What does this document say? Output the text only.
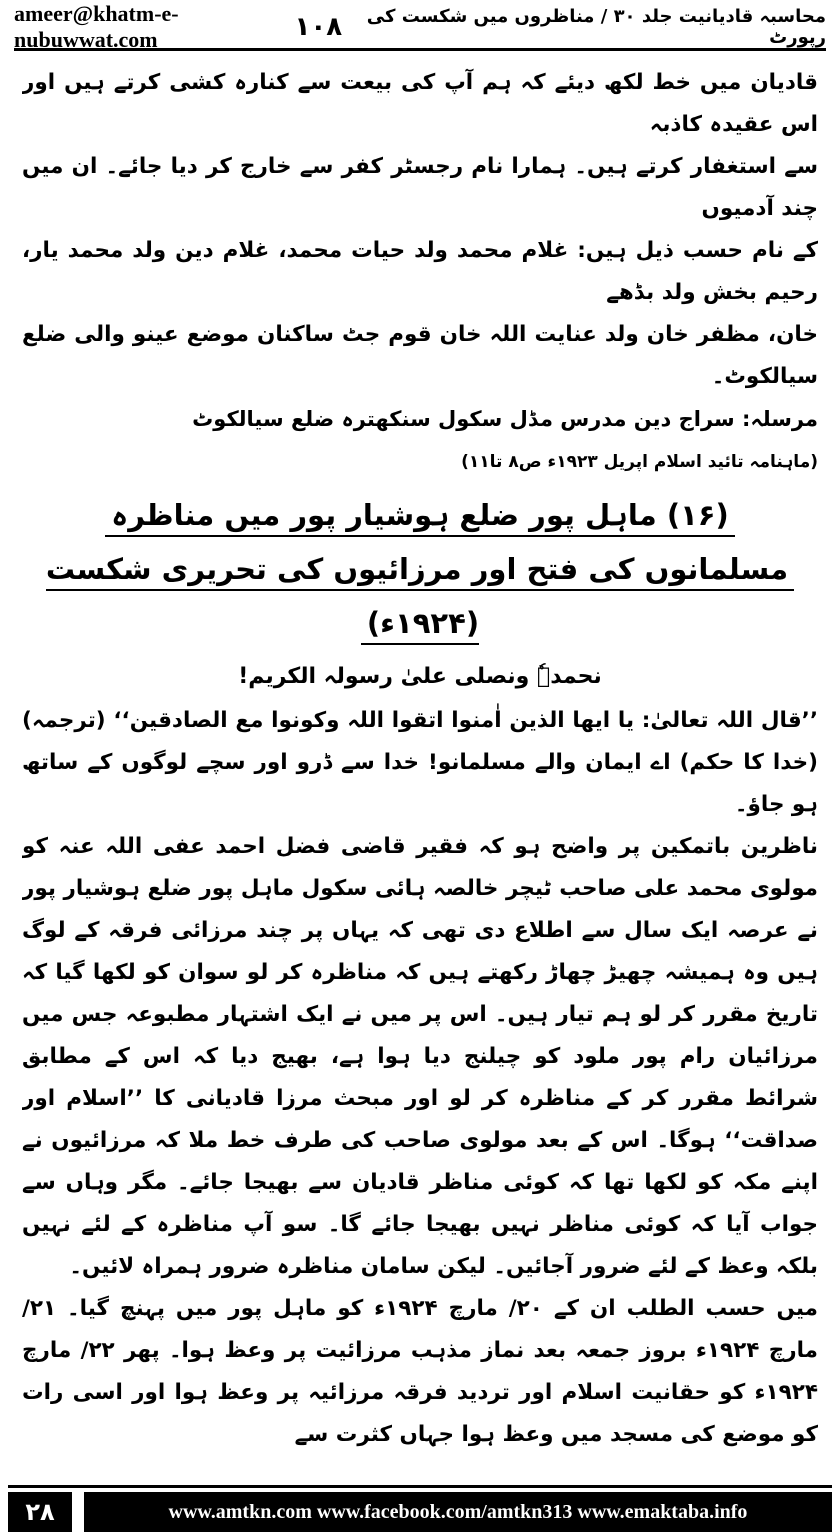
ameer@khatm-e-nubuwwat.com	۱۰۸	محاسبہ قادیانیت جلد ۳۰ / مناظروں میں شکست کی رپورٹ

قادیان میں خط لکھ دیئے کہ ہم آپ کی بیعت سے کنارہ کشی کرتے ہیں اور اس عقیدہ کاذبہ
سے استغفار کرتے ہیں۔ ہمارا نام رجسٹر کفر سے خارج کر دیا جائے۔ ان میں چند آدمیوں
کے نام حسب ذیل ہیں: غلام محمد ولد حیات محمد، غلام دین ولد محمد یار، رحیم بخش ولد بڈھے
خان، مظفر خان ولد عنایت اللہ خان قوم جٹ ساکنان موضع عینو والی ضلع سیالکوٹ۔

مرسلہ: سراج دین مدرس مڈل سکول سنکھترہ ضلع سیالکوٹ
(ماہنامہ تائید اسلام اپریل ۱۹۲۳ء ص۸ تا۱۱)

(۱۶) ماہل پور ضلع ہوشیار پور میں مناظرہ

مسلمانوں کی فتح اور مرزائیوں کی تحریری شکست (۱۹۲۴ء)

نحمدہٗ ونصلی علیٰ رسولہ الکریم!

’’قال اللہ تعالیٰ: یا ایھا الذین اٰمنوا اتقوا اللہ وکونوا مع الصادقین‘‘ (ترجمہ) (خدا کا حکم) اے ایمان والے مسلمانو! خدا سے ڈرو اور سچے لوگوں کے ساتھ ہو جاؤ۔

ناظرین باتمکین پر واضح ہو کہ فقیر قاضی فضل احمد عفی اللہ عنہ کو مولوی محمد علی صاحب ٹیچر خالصہ ہائی سکول ماہل پور ضلع ہوشیار پور نے عرصہ ایک سال سے اطلاع دی تھی کہ یہاں پر چند مرزائی فرقہ کے لوگ ہیں وہ ہمیشہ چھیڑ چھاڑ رکھتے ہیں کہ مناظرہ کر لو سوان کو لکھا گیا کہ تاریخ مقرر کر لو ہم تیار ہیں۔ اس پر میں نے ایک اشتہار مطبوعہ جس میں مرزائیان رام پور ملود کو چیلنج دیا ہوا ہے، بھیج دیا کہ اس کے مطابق شرائط مقرر کر کے مناظرہ کر لو اور مبحث مرزا قادیانی کا ’’اسلام اور صداقت‘‘ ہوگا۔ اس کے بعد مولوی صاحب کی طرف خط ملا کہ مرزائیوں نے اپنے مکہ کو لکھا تھا کہ کوئی مناظر قادیان سے بھیجا جائے۔ مگر وہاں سے جواب آیا کہ کوئی مناظر نہیں بھیجا جائے گا۔ سو آپ مناظرہ کے لئے نہیں بلکہ وعظ کے لئے ضرور آجائیں۔ لیکن سامان مناظرہ ضرور ہمراہ لائیں۔

میں حسب الطلب ان کے ۲۰/ مارچ ۱۹۲۴ء کو ماہل پور میں پہنچ گیا۔ ۲۱/ مارچ ۱۹۲۴ء بروز جمعہ بعد نماز مذہب مرزائیت پر وعظ ہوا۔ پھر ۲۲/ مارچ ۱۹۲۴ء کو حقانیت اسلام اور تردید فرقہ مرزائیہ پر وعظ ہوا اور اسی رات کو موضع کی مسجد میں وعظ ہوا جہاں کثرت سے

۲۸	www.amtkn.com www.facebook.com/amtkn313 www.emaktaba.info
